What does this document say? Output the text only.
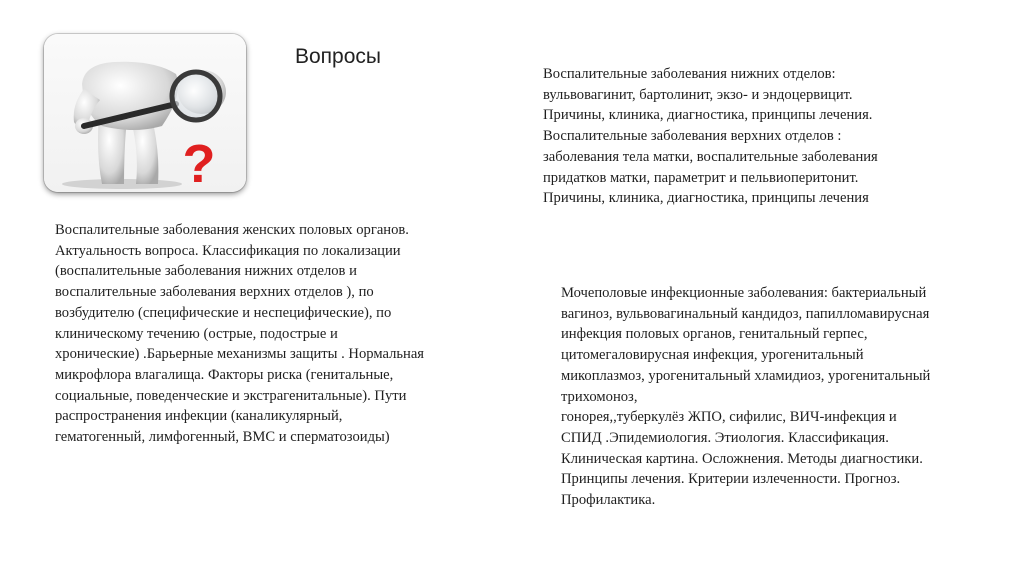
?
Вопросы
Воспалительные заболевания нижних отделов:
вульвовагинит, бартолинит, экзо- и эндоцервицит.
Причины, клиника, диагностика, принципы лечения.
Воспалительные заболевания верхних отделов :
заболевания тела матки, воспалительные заболевания
придатков матки, параметрит и пельвиоперитонит.
Причины, клиника, диагностика, принципы лечения
Воспалительные заболевания женских половых органов.
Актуальность вопроса. Классификация по локализации
(воспалительные заболевания нижних отделов и
воспалительные заболевания верхних отделов ), по
возбудителю (специфические и неспецифические), по
клиническому течению (острые, подострые и
хронические) .Барьерные механизмы защиты . Нормальная
микрофлора влагалища. Факторы риска (генитальные,
социальные, поведенческие и экстрагенитальные). Пути
распространения инфекции (каналикулярный,
гематогенный, лимфогенный, ВМС и сперматозоиды)
Мочеполовые инфекционные заболевания: бактериальный
вагиноз, вульвовагинальный кандидоз, папилломавирусная
инфекция половых органов, генитальный герпес,
цитомегаловирусная инфекция, урогенитальный
микоплазмоз, урогенитальный хламидиоз, урогенитальный
трихомоноз,
гонорея,,туберкулёз ЖПО, сифилис, ВИЧ-инфекция и
СПИД .Эпидемиология. Этиология. Классификация.
Клиническая картина. Осложнения. Методы диагностики.
Принципы лечения. Критерии излеченности. Прогноз.
Профилактика.
